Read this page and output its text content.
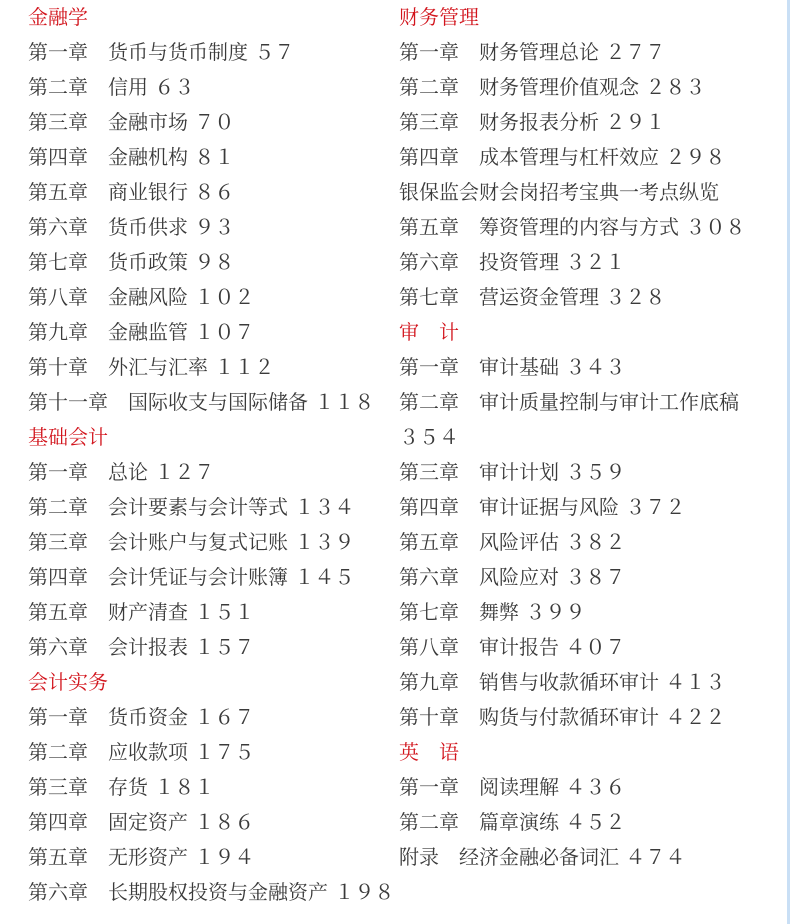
金融学
第一章　货币与货币制度 ５７
第二章　信用 ６３
第三章　金融市场 ７０
第四章　金融机构 ８１
第五章　商业银行 ８６
第六章　货币供求 ９３
第七章　货币政策 ９８
第八章　金融风险 １０２
第九章　金融监管 １０７
第十章　外汇与汇率 １１２
第十一章　国际收支与国际储备 １１８
基础会计
第一章　总论 １２７
第二章　会计要素与会计等式 １３４
第三章　会计账户与复式记账 １３９
第四章　会计凭证与会计账簿 １４５
第五章　财产清查 １５１
第六章　会计报表 １５７
会计实务
第一章　货币资金 １６７
第二章　应收款项 １７５
第三章　存货 １８１
第四章　固定资产 １８６
第五章　无形资产 １９４
第六章　长期股权投资与金融资产 １９８
财务管理
第一章　财务管理总论 ２７７
第二章　财务管理价值观念 ２８３
第三章　财务报表分析 ２９１
第四章　成本管理与杠杆效应 ２９８
银保监会财会岗招考宝典一考点纵览
第五章　筹资管理的内容与方式 ３０８
第六章　投资管理 ３２１
第七章　营运资金管理 ３２８
审　计
第一章　审计基础 ３４３
第二章　审计质量控制与审计工作底稿
３５４
第三章　审计计划 ３５９
第四章　审计证据与风险 ３７２
第五章　风险评估 ３８２
第六章　风险应对 ３８７
第七章　舞弊 ３９９
第八章　审计报告 ４０７
第九章　销售与收款循环审计 ４１３
第十章　购货与付款循环审计 ４２２
英　语
第一章　阅读理解 ４３６
第二章　篇章演练 ４５２
附录　经济金融必备词汇 ４７４
